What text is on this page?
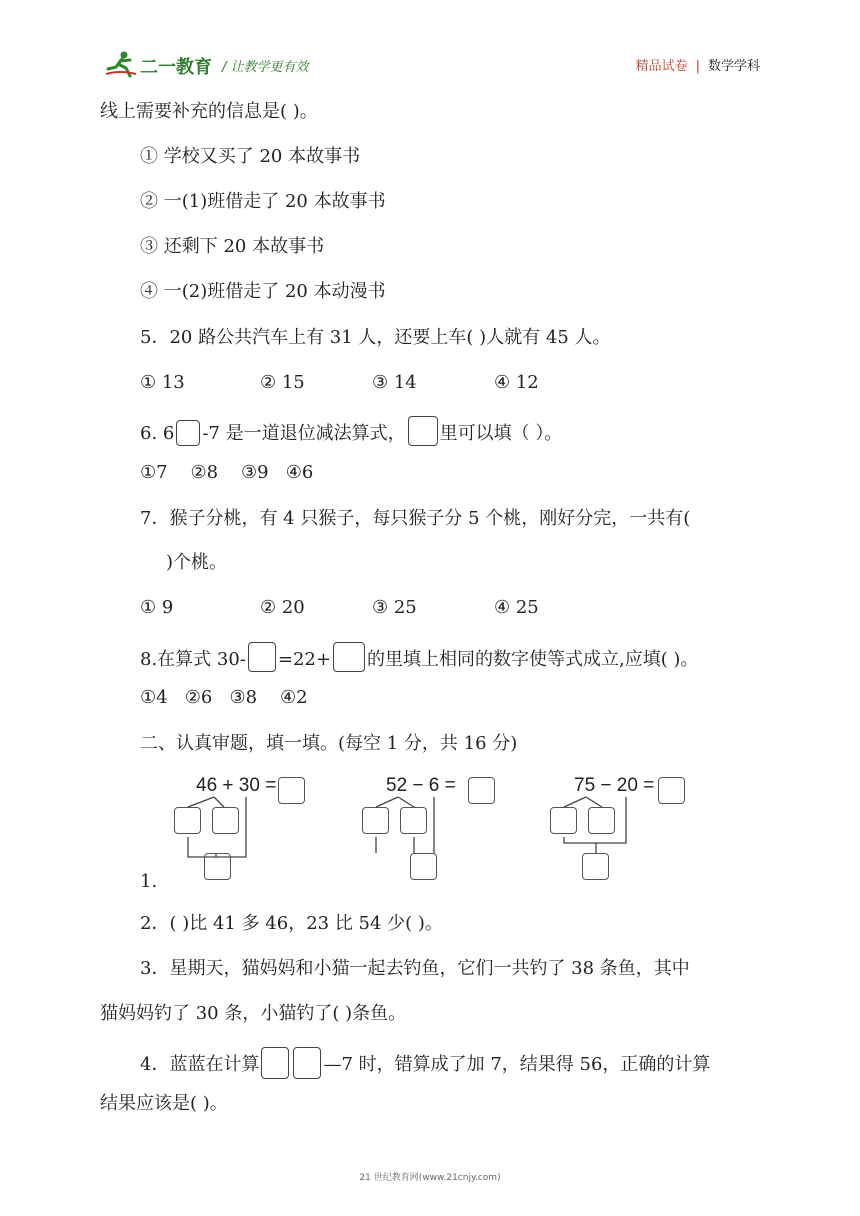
二一教育 / 让教学更有效	精品试卷 | 数学学科
线上需要补充的信息是( )。
① 学校又买了 20 本故事书
② 一(1)班借走了 20 本故事书
③ 还剩下 20 本故事书
④ 一(2)班借走了 20 本动漫书
5．20 路公共汽车上有 31 人，还要上车( )人就有 45 人。
① 13	② 15	③ 14	④ 12
6. 6 -7 是一道退位减法算式， 里可以填（ ）。
①7 ②8 ③9 ④6
7．猴子分桃，有 4 只猴子，每只猴子分 5 个桃，刚好分完，一共有(
)个桃。
① 9	② 20	③ 25	④ 25
8.在算式 30- =22+ 的里填上相同的数字使等式成立,应填( )。
①4 ②6 ③8 ④2
二、认真审题，填一填。(每空 1 分，共 16 分)
46 + 30 =	52 − 6 =	75 − 20 =
1.
2．( )比 41 多 46，23 比 54 少( )。
3．星期天，猫妈妈和小猫一起去钓鱼，它们一共钓了 38 条鱼，其中
猫妈妈钓了 30 条，小猫钓了( )条鱼。
4．蓝蓝在计算	—7 时，错算成了加 7，结果得 56，正确的计算
结果应该是( )。
21 世纪教育网(www.21cnjy.com)
